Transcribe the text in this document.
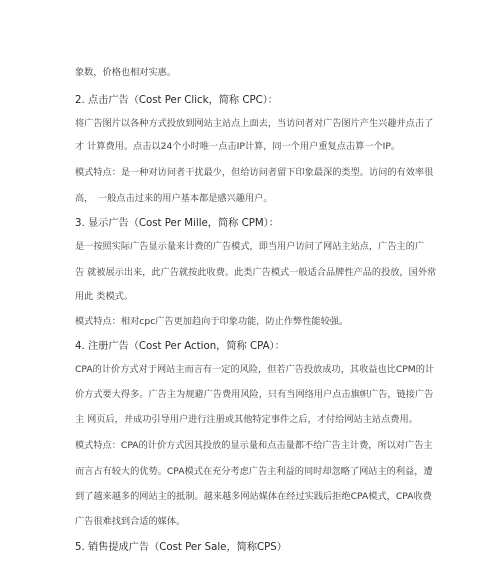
象数，价格也相对实惠。
2. 点击广告（Cost Per Click，简称 CPC）：
将广告图片以各种方式投放到网站主站点上面去，当访问者对广告图片产生兴趣并点击了
才 计算费用。点击以24个小时唯一点击IP计算，同一个用户重复点击算一个IP。
模式特点：是一种对访问者干扰最少，但给访问者留下印象最深的类型。访问的有效率很
高，　一般点击过来的用户基本都是感兴趣用户。
3. 显示广告（Cost Per Mille，简称 CPM）：
是一按照实际广告显示量来计费的广告模式，即当用户访问了网站主站点，广告主的广
告 就被展示出来，此广告就按此收费。此类广告模式一般适合品牌性产品的投放，国外常
用此 类模式。
模式特点：相对cpc广告更加趋向于印象功能，防止作弊性能较强。
4. 注册广告（Cost Per Action，简称 CPA）：
CPA的计价方式对于网站主而言有一定的风险，但若广告投放成功，其收益也比CPM的计
价方式要大得多。广告主为规避广告费用风险，只有当网络用户点击旗帜广告，链接广告
主 网页后，并成功引导用户进行注册或其他特定事件之后，才付给网站主站点费用。
模式特点：CPA的计价方式因其投放的显示量和点击量都不给广告主计费，所以对广告主
而言占有较大的优势。CPA模式在充分考虑广告主利益的同时却忽略了网站主的利益，遭
到了越来越多的网站主的抵制。越来越多网站媒体在经过实践后拒绝CPA模式，CPA收费
广告很难找到合适的媒体。
5. 销售提成广告（Cost Per Sale，简称CPS）
